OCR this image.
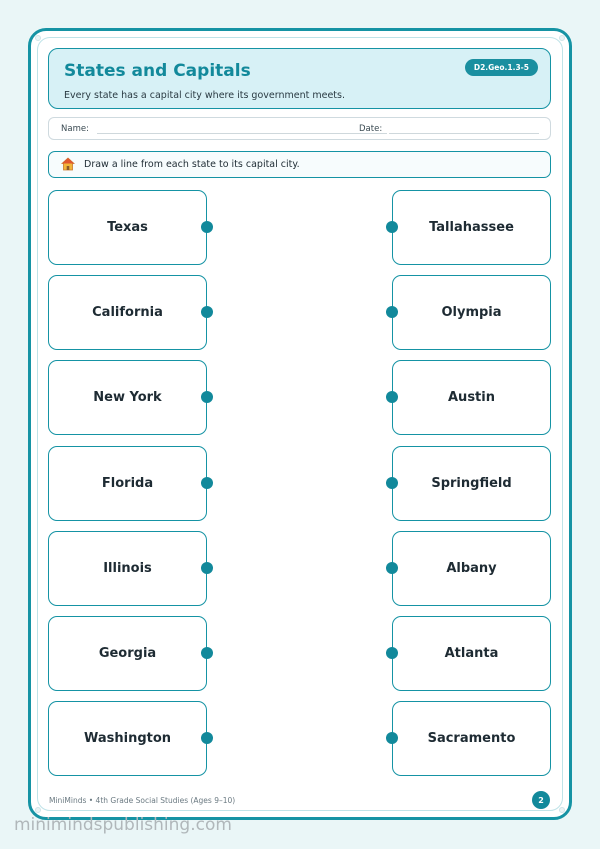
States and Capitals
Every state has a capital city where its government meets.
D2.Geo.1.3-5
Name:	Date:
Draw a line from each state to its capital city.
Texas
California
New York
Florida
Illinois
Georgia
Washington
Tallahassee
Olympia
Austin
Springfield
Albany
Atlanta
Sacramento
MiniMinds • 4th Grade Social Studies (Ages 9–10)	2
minimindspublishing.com
